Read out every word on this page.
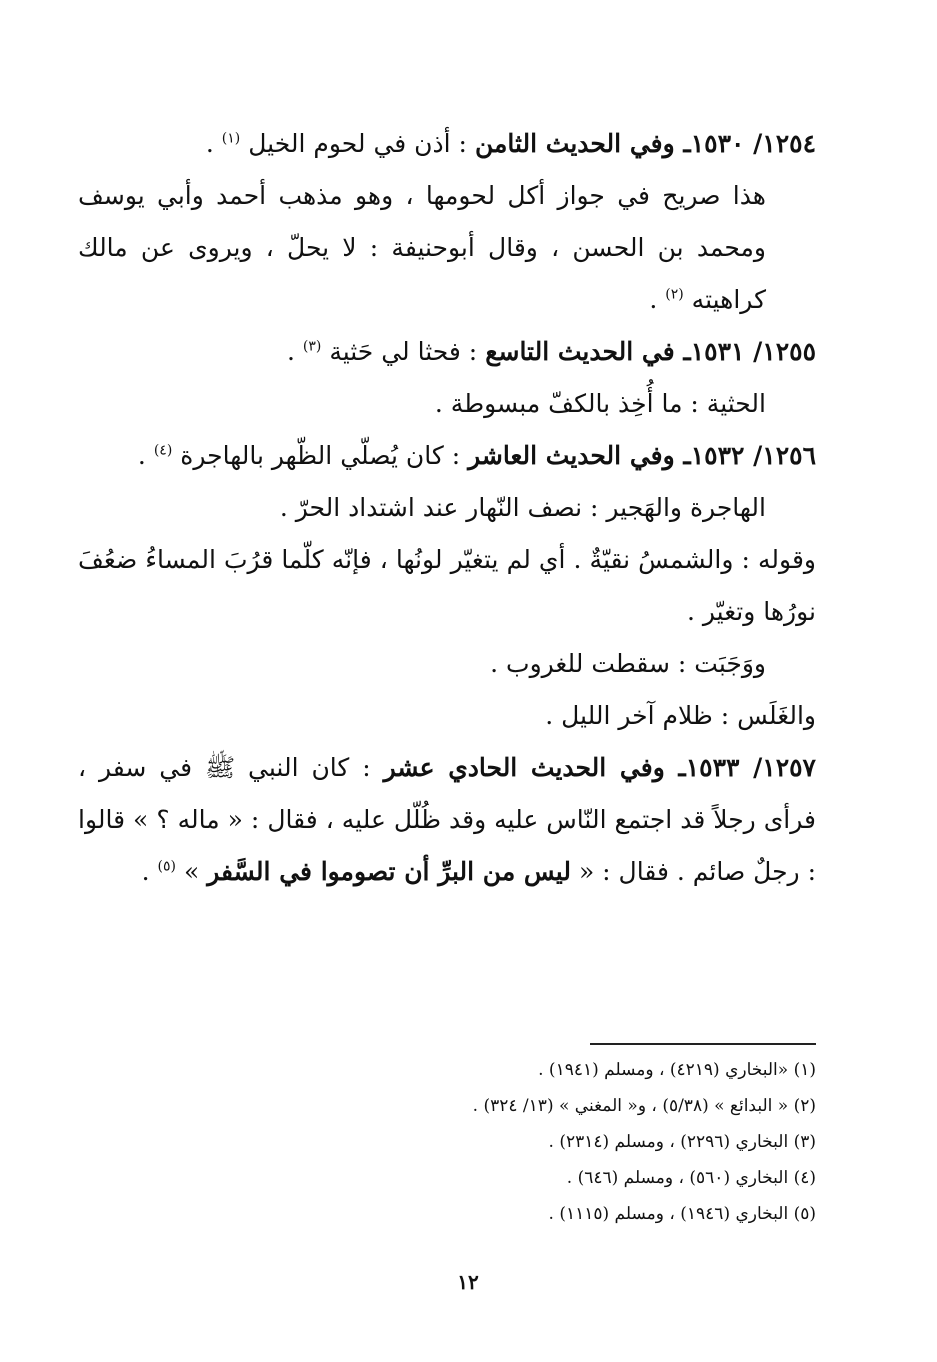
١٢٥٤/ ١٥٣٠ـ وفي الحديث الثامن : أذن في لحوم الخيل $^{(١)}$ .

هذا صريح في جواز أكل لحومها ، وهو مذهب أحمد وأبي يوسف ومحمد بن الحسن ، وقال أبوحنيفة : لا يحلّ ، ويروى عن مالك كراهيته $^{(٢)}$ .

١٢٥٥/ ١٥٣١ـ في الحديث التاسع : فحثا لي حَثية $^{(٣)}$ .

الحثية : ما أُخِذ بالكفّ مبسوطة .

١٢٥٦/ ١٥٣٢ـ وفي الحديث العاشر : كان يُصلّي الظّهر بالهاجرة $^{(٤)}$ .

الهاجرة والهَجير : نصف النّهار عند اشتداد الحرّ .

وقوله : والشمسُ نقيّةٌ . أي لم يتغيّر لونُها ، فإنّه كلّما قرُبَ المساءُ ضعُفَ نورُها وتغيّر .

ووَجَبَت : سقطت للغروب .

والغَلَس : ظلام آخر الليل .

١٢٥٧/ ١٥٣٣ـ وفي الحديث الحادي عشر : كان النبي ﷺ في سفر ، فرأى رجلاً قد اجتمع النّاس عليه وقد ظُلّل عليه ، فقال : « ماله ؟ » قالوا : رجلٌ صائم . فقال : « ليس من البرِّ أن تصوموا في السَّفر » $^{(٥)}$ .

(١) «البخاري (٤٢١٩) ، ومسلم (١٩٤١) .
(٢) « البدائع » (٥/٣٨) ، و« المغني » (١٣/ ٣٢٤) .
(٣) البخاري (٢٢٩٦) ، ومسلم (٢٣١٤) .
(٤) البخاري (٥٦٠) ، ومسلم (٦٤٦) .
(٥) البخاري (١٩٤٦) ، ومسلم (١١١٥) .
١٢
